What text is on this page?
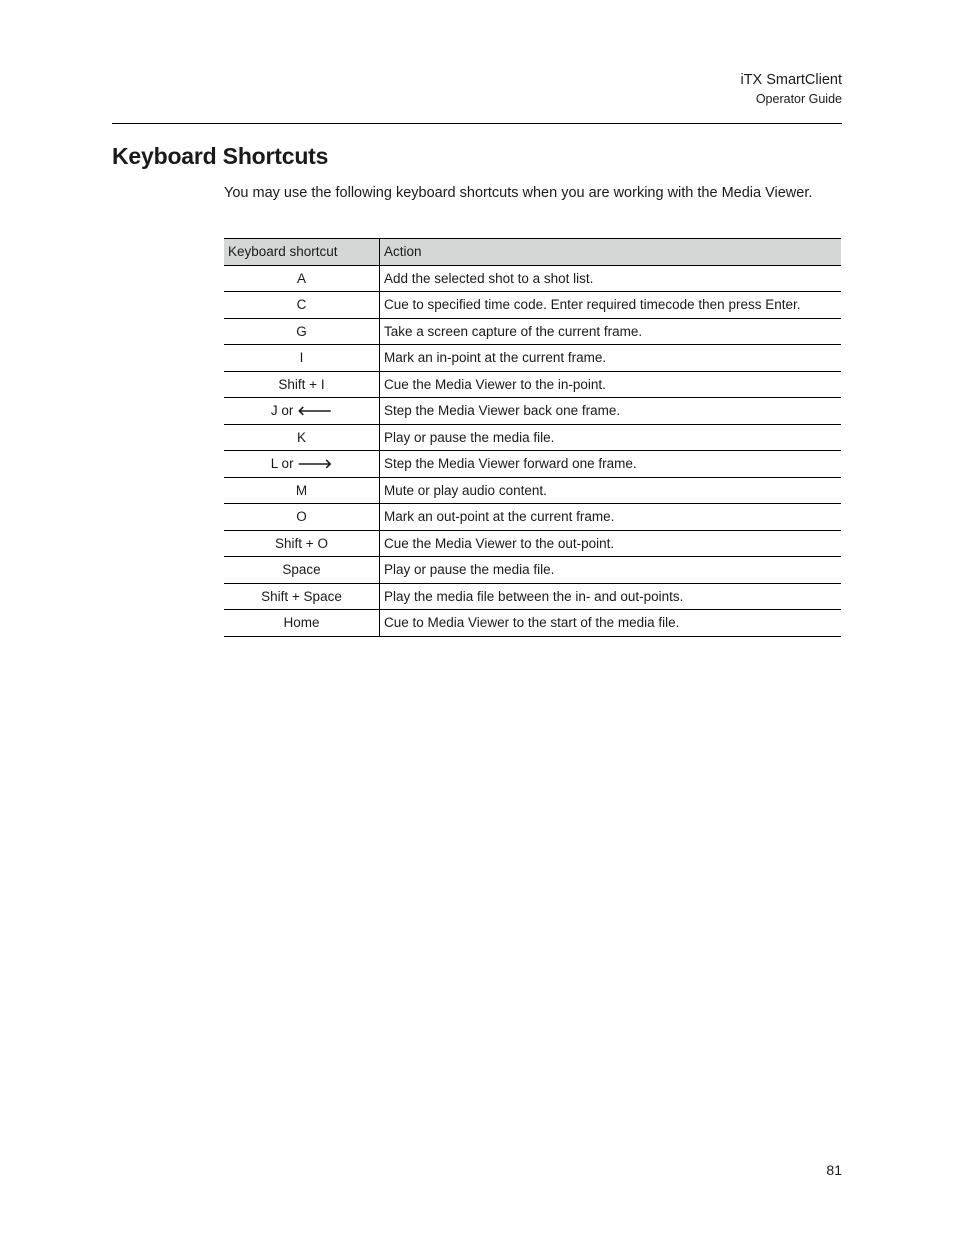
iTX SmartClient
Operator Guide
Keyboard Shortcuts

You may use the following keyboard shortcuts when you are working with the Media Viewer.

Keyboard shortcut	Action
A	Add the selected shot to a shot list.
C	Cue to specified time code. Enter required timecode then press Enter.
G	Take a screen capture of the current frame.
I	Mark an in-point at the current frame.
Shift + I	Cue the Media Viewer to the in-point.
J or 🡐	Step the Media Viewer back one frame.
K	Play or pause the media file.
L or 🡒	Step the Media Viewer forward one frame.
M	Mute or play audio content.
O	Mark an out-point at the current frame.
Shift + O	Cue the Media Viewer to the out-point.
Space	Play or pause the media file.
Shift + Space	Play the media file between the in- and out-points.
Home	Cue to Media Viewer to the start of the media file.
81
